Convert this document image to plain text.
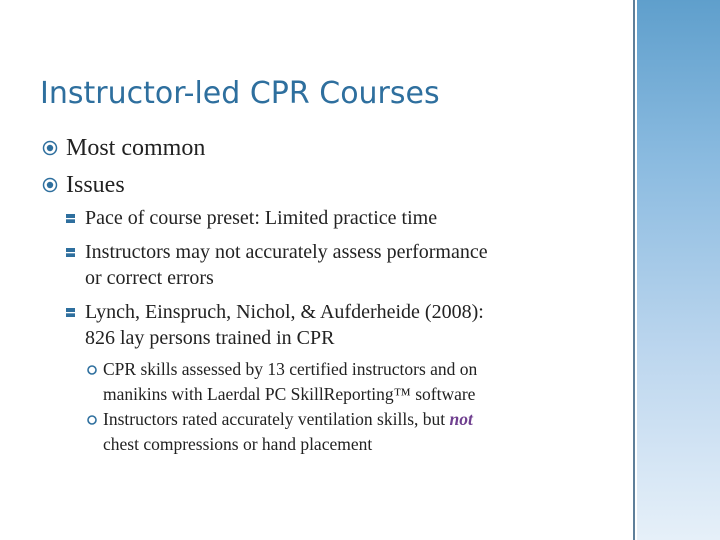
Instructor-led CPR Courses
Most common
Issues
Pace of course preset: Limited practice time
Instructors may not accurately assess performance
or correct errors
Lynch, Einspruch, Nichol, & Aufderheide (2008):
826 lay persons trained in CPR
CPR skills assessed by 13 certified instructors and on
manikins with Laerdal PC SkillReporting™ software
Instructors rated accurately ventilation skills, but not
chest compressions or hand placement
